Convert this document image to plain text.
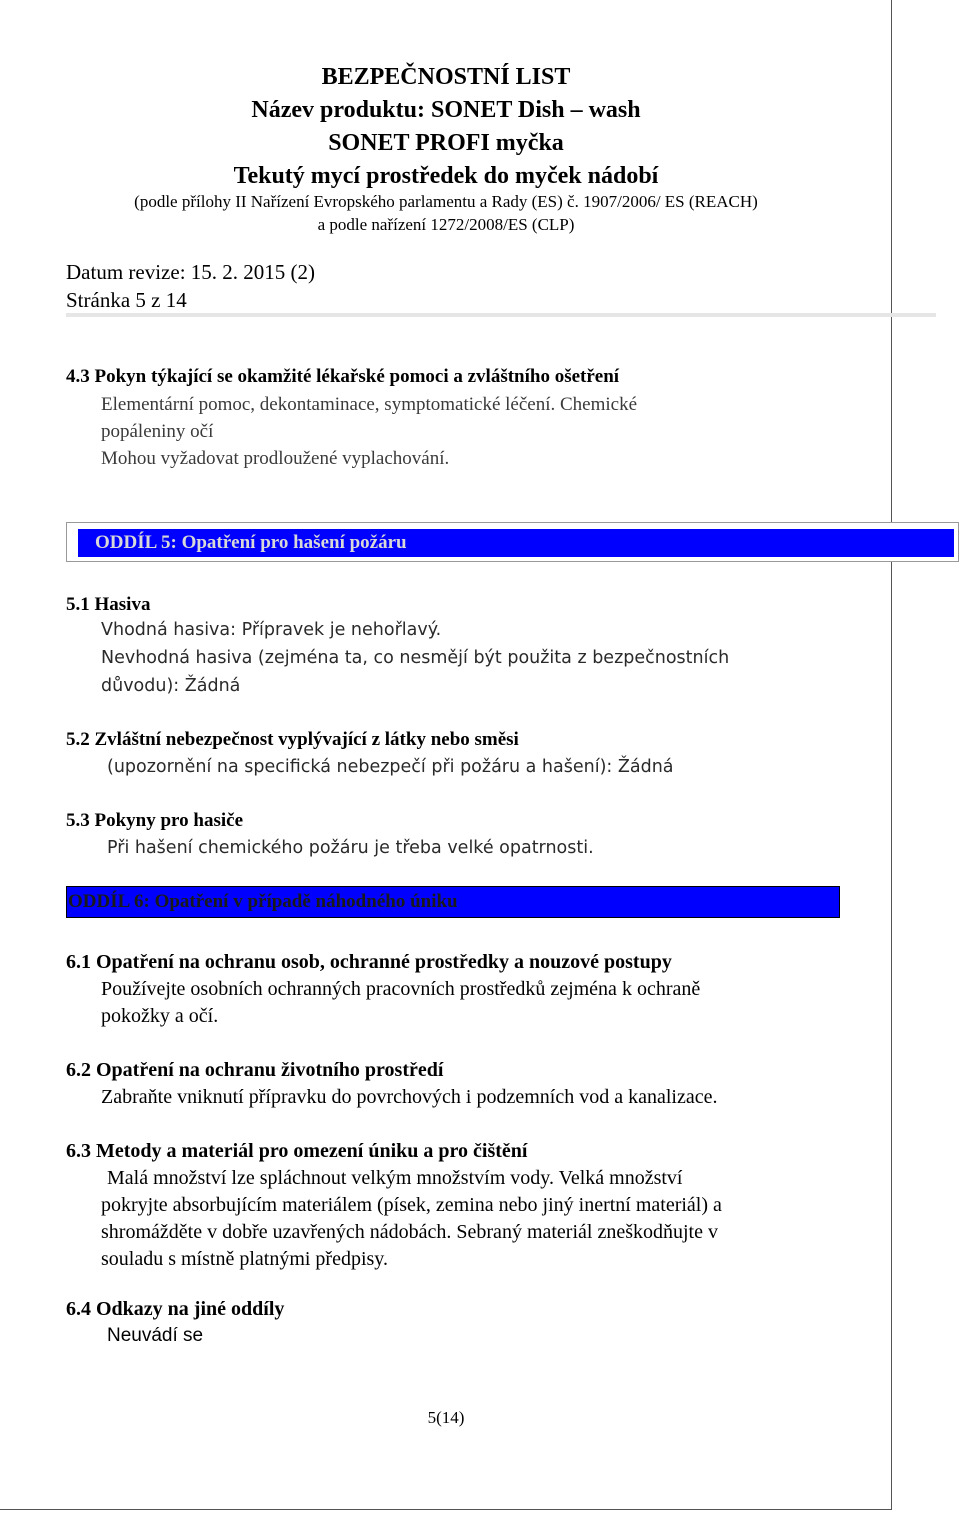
BEZPEČNOSTNÍ LIST
Název produktu: SONET Dish – wash
SONET PROFI myčka
Tekutý mycí prostředek do myček nádobí
(podle přílohy II Nařízení Evropského parlamentu a Rady (ES) č. 1907/2006/ ES (REACH)
a podle nařízení 1272/2008/ES (CLP)
Datum revize: 15. 2. 2015 (2)
Stránka 5 z 14
4.3 Pokyn týkající se okamžité lékařské pomoci a zvláštního ošetření
Elementární pomoc, dekontaminace, symptomatické léčení. Chemické
popáleniny očí
Mohou vyžadovat prodloužené vyplachování.
ODDÍL 5: Opatření pro hašení požáru
5.1 Hasiva
Vhodná hasiva: Přípravek je nehořlavý.
Nevhodná hasiva (zejména ta, co nesmějí být použita z bezpečnostních
důvodu): Žádná
5.2 Zvláštní nebezpečnost vyplývající z látky nebo směsi
(upozornění na specifická nebezpečí při požáru a hašení): Žádná
5.3 Pokyny pro hasiče
Při hašení chemického požáru je třeba velké opatrnosti.
ODDÍL 6: Opatření v případě náhodného úniku
6.1 Opatření na ochranu osob, ochranné prostředky a nouzové postupy
Používejte osobních ochranných pracovních prostředků zejména k ochraně
pokožky a očí.
6.2 Opatření na ochranu životního prostředí
Zabraňte vniknutí přípravku do povrchových i podzemních vod a kanalizace.
6.3 Metody a materiál pro omezení úniku a pro čištění
Malá množství lze spláchnout velkým množstvím vody. Velká množství
pokryjte absorbujícím materiálem (písek, zemina nebo jiný inertní materiál) a
shromážděte v dobře uzavřených nádobách. Sebraný materiál zneškodňujte v
souladu s místně platnými předpisy.
6.4 Odkazy na jiné oddíly
Neuvádí se
5(14)
